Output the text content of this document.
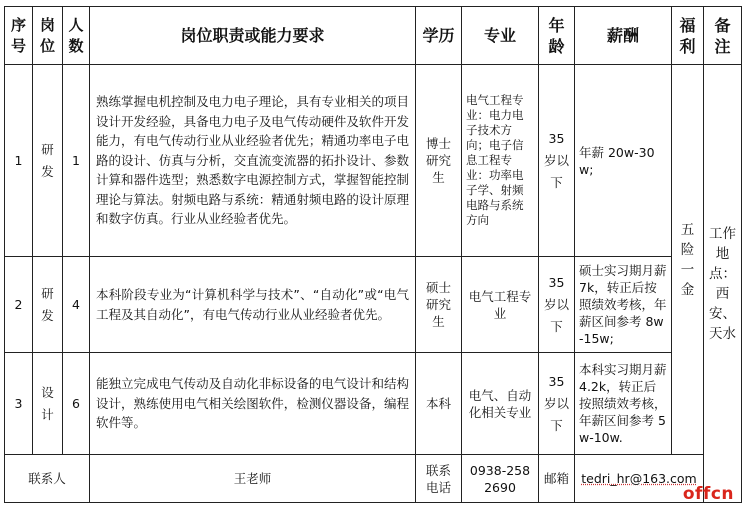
序号	岗位	人数	岗位职责或能力要求	学历	专业	年龄	薪酬	福利	备注
1	研发	1	熟练掌握电机控制及电力电子理论，具有专业相关的项目设计开发经验，具备电力电子及电气传动硬件及软件开发能力，有电气传动行业从业经验者优先；精通功率电子电路的设计、仿真与分析，交直流变流器的拓扑设计、参数计算和器件选型；熟悉数字电源控制方式，掌握智能控制理论与算法。射频电路与系统：精通射频电路的设计原理和数字仿真。行业从业经验者优先。	博士研究生	电气工程专业：电力电子技术方向；电子信息工程专业：功率电子学、射频电路与系统方向	35岁以下	年薪 20w-30w;	五险一金	工作地点：西安、天水
2	研发	4	本科阶段专业为“计算机科学与技术”、“自动化”或“电气工程及其自动化”，有电气传动行业从业经验者优先。	硕士研究生	电气工程专业	35岁以下	硕士实习期月薪 7k，转正后按照绩效考核，年薪区间参考 8w-15w;		
3	设计	6	能独立完成电气传动及自动化非标设备的电气设计和结构设计，熟练使用电气相关绘图软件，检测仪器设备，编程软件等。	本科	电气、自动化相关专业	35岁以下	本科实习期月薪 4.2k，转正后按照绩效考核，年薪区间参考 5w-10w.		
联系人			王老师	联系电话	0938-2582690	邮箱	tedri_hr@163.com		
offcn
